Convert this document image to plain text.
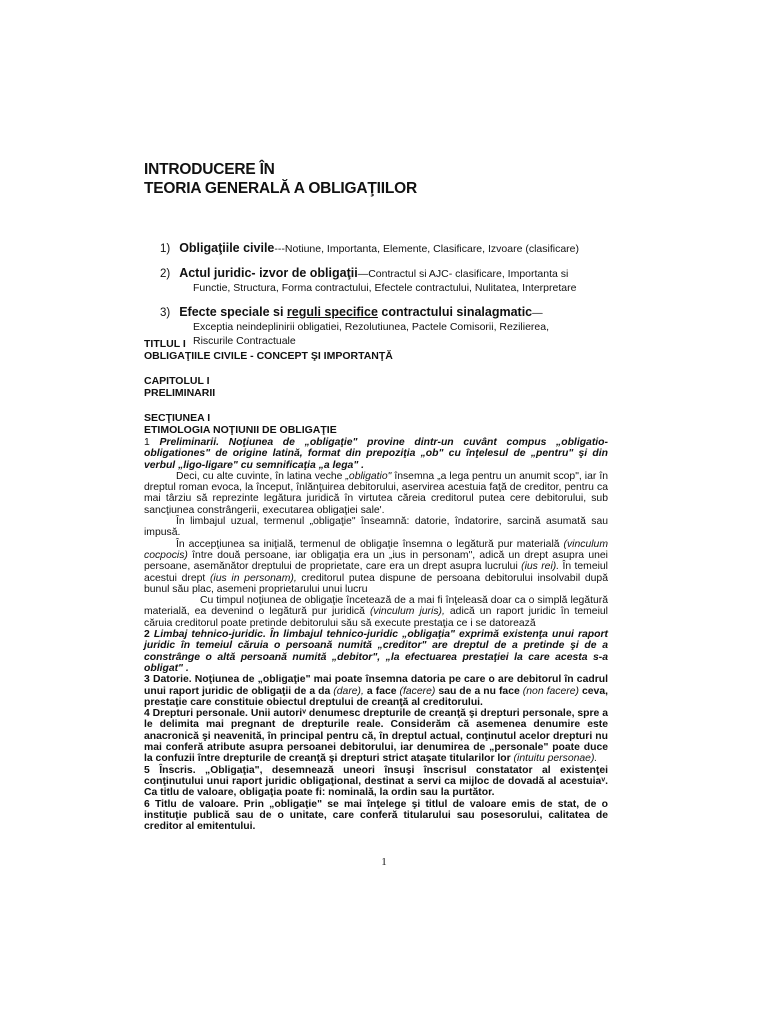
INTRODUCERE ÎN
TEORIA GENERALĂ A OBLIGAŢIILOR
1) Obligaţiile civile---Notiune, Importanta, Elemente, Clasificare, Izvoare (clasificare)
2) Actul juridic- izvor de obligaţii—Contractul si AJC- clasificare, Importanta si
Functie, Structura, Forma contractului, Efectele contractului, Nulitatea, Interpretare
3) Efecte speciale si reguli specifice contractului sinalagmatic—
Exceptia neindeplinirii obligatiei, Rezolutiunea, Pactele Comisorii, Rezilierea,
Riscurile Contractuale
TITLUL I
OBLIGAŢIILE CIVILE - CONCEPT ŞI IMPORTANŢĂ
CAPITOLUL I
PRELIMINARII
SECŢIUNEA I
ETIMOLOGIA NOŢIUNII DE OBLIGAŢIE

1 Preliminarii. Noţiunea de „obligaţie" provine dintr-un cuvânt compus „obligatio-obligationes" de origine latină, format din prepoziţia „ob" cu înţelesul de „pentru" şi din verbul „ligo-ligare" cu semnificaţia „a lega" .

Deci, cu alte cuvinte, în latina veche „obligatio" însemna „a lega pentru un anumit scop", iar în dreptul roman evoca, la început, înlănţuirea debitorului, aservirea acestuia faţă de creditor, pentru ca mai târziu să reprezinte legătura juridică în virtutea căreia creditorul putea cere debitorului, sub sancţiunea constrângerii, executarea obligaţiei sale'.

În limbajul uzual, termenul „obligaţie" înseamnă: datorie, îndatorire, sarcină asumată sau impusă.

În accepţiunea sa iniţială, termenul de obligaţie însemna o legătură pur materială (vinculum cocpocis) între două persoane, iar obligaţia era un „ius in personam", adică un drept asupra unei persoane, asemănător dreptului de proprietate, care era un drept asupra lucrului (ius rei). În temeiul acestui drept (ius in personam), creditorul putea dispune de persoana debitorului insolvabil după bunul său plac, asemeni proprietarului unui lucru

Cu timpul noţiunea de obligaţie încetează de a mai fi înţeleasă doar ca o simplă legătură materială, ea devenind o legătură pur juridică (vinculum juris), adică un raport juridic în temeiul căruia creditorul poate pretinde debitorului său să execute prestaţia ce i se datorează

2 Limbaj tehnico-juridic. În limbajul tehnico-juridic „obligaţia" exprimă existenţa unui raport juridic în temeiul căruia o persoană numită „creditor" are dreptul de a pretinde şi de a constrânge o altă persoană numită „debitor", „la efectuarea prestaţiei la care acesta s-a obligat" .

3 Datorie. Noţiunea de „obligaţie" mai poate însemna datoria pe care o are debitorul în cadrul unui raport juridic de obligaţii de a da (dare), a face (facere) sau de a nu face (non facere) ceva, prestaţie care constituie obiectul dreptului de creanţă al creditorului.

4 Drepturi personale. Unii autoriᵛ denumesc drepturile de creanţă şi drepturi personale, spre a le delimita mai pregnant de drepturile reale. Considerăm că asemenea denumire este anacronică şi neavenită, în principal pentru că, în dreptul actual, conţinutul acelor drepturi nu mai conferă atribute asupra persoanei debitorului, iar denumirea de „personale" poate duce la confuzii între drepturile de creanţă şi drepturi strict ataşate titularilor lor (intuitu personae).

5 Înscris. „Obligaţia", desemnează uneori însuşi înscrisul constatator al existenţei conţinutului unui raport juridic obligaţional, destinat a servi ca mijloc de dovadă al acestuiaᵛ. Ca titlu de valoare, obligaţia poate fi: nominală, la ordin sau la purtător.

6 Titlu de valoare. Prin „obligaţie" se mai înţelege şi titlul de valoare emis de stat, de o instituţie publică sau de o unitate, care conferă titularului sau posesorului, calitatea de creditor al emitentului.

1
